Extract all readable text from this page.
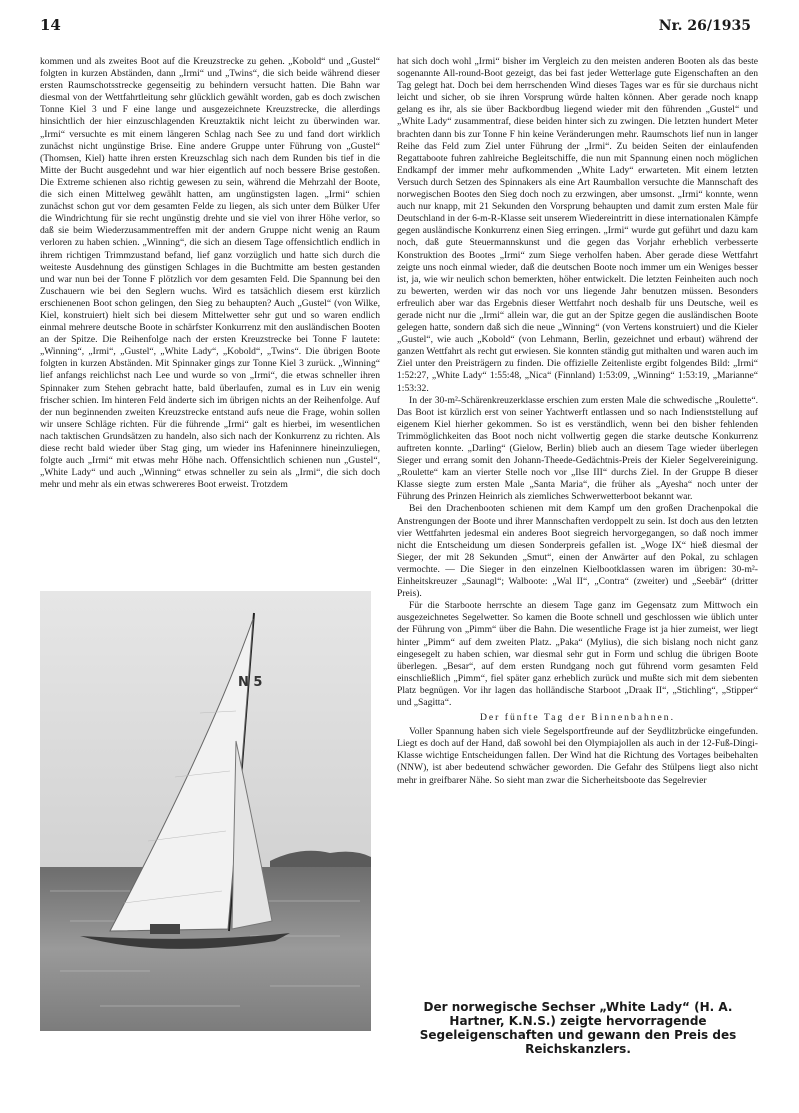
14	Nr. 26/1935

kommen und als zweites Boot auf die Kreuzstrecke zu gehen. „Kobold“ und „Gustel“ folgten in kurzen Abständen, dann „Irmi“ und „Twins“, die sich beide während dieser ersten Raumschotsstrecke gegenseitig zu behindern versucht hatten. Die Bahn war diesmal von der Wettfahrtleitung sehr glücklich gewählt worden, gab es doch zwischen Tonne Kiel 3 und F eine lange und ausgezeichnete Kreuzstrecke, die allerdings hinsichtlich der hier einzuschlagenden Kreuztaktik nicht leicht zu überwinden war. „Irmi“ versuchte es mit einem längeren Schlag nach See zu und fand dort wirklich zunächst nicht ungünstige Brise. Eine andere Gruppe unter Führung von „Gustel“ (Thomsen, Kiel) hatte ihren ersten Kreuzschlag sich nach dem Runden bis tief in die Mitte der Bucht ausgedehnt und war hier eigentlich auf noch bessere Brise gestoßen. Die Extreme schienen also richtig gewesen zu sein, während die Mehrzahl der Boote, die sich einen Mittelweg gewählt hatten, am ungünstigsten lagen. „Irmi“ schien zunächst schon gut vor dem gesamten Felde zu liegen, als sich unter dem Bülker Ufer die Windrichtung für sie recht ungünstig drehte und sie viel von ihrer Höhe verlor, so daß sie beim Wiederzusammentreffen mit der andern Gruppe nicht wenig an Raum verloren zu haben schien. „Winning“, die sich an diesem Tage offensichtlich endlich in ihrem richtigen Trimmzustand befand, lief ganz vorzüglich und hatte sich durch die weiteste Ausdehnung des günstigen Schlages in die Buchtmitte am besten gestanden und war nun bei der Tonne F plötzlich vor dem gesamten Feld. Die Spannung bei den Zuschauern wie bei den Seglern wuchs. Wird es tatsächlich diesem erst kürzlich erschienenen Boot schon gelingen, den Sieg zu behaupten? Auch „Gustel“ (von Wilke, Kiel, konstruiert) hielt sich bei diesem Mittelwetter sehr gut und so waren endlich einmal mehrere deutsche Boote in schärfster Konkurrenz mit den ausländischen Booten an der Spitze. Die Reihenfolge nach der ersten Kreuzstrecke bei Tonne F lautete: „Winning“, „Irmi“, „Gustel“, „White Lady“, „Kobold“, „Twins“. Die übrigen Boote folgten in kurzen Abständen. Mit Spinnaker gings zur Tonne Kiel 3 zurück. „Winning“ lief anfangs reichlichst nach Lee und wurde so von „Irmi“, die etwas schneller ihren Spinnaker zum Stehen gebracht hatte, bald überlaufen, zumal es in Luv ein wenig frischer schien. Im hinteren Feld änderte sich im übrigen nichts an der Reihenfolge. Auf der nun beginnenden zweiten Kreuzstrecke entstand aufs neue die Frage, wohin sollen wir unsere Schläge richten. Für die führende „Irmi“ galt es hierbei, im wesentlichen nach taktischen Grundsätzen zu handeln, also sich nach der Konkurrenz zu richten. Als diese recht bald wieder über Stag ging, um wieder ins Hafeninnere hineinzuliegen, folgte auch „Irmi“ mit etwas mehr Höhe nach. Offensichtlich schienen nun „Gustel“, „White Lady“ und auch „Winning“ etwas schneller zu sein als „Irmi“, die sich doch mehr und mehr als ein etwas schwereres Boot erweist. Trotzdem

N 5

hat sich doch wohl „Irmi“ bisher im Vergleich zu den meisten anderen Booten als das beste sogenannte All-round-Boot gezeigt, das bei fast jeder Wetterlage gute Eigenschaften an den Tag gelegt hat. Doch bei dem herrschenden Wind dieses Tages war es für sie durchaus nicht leicht und sicher, ob sie ihren Vorsprung würde halten können. Aber gerade noch knapp gelang es ihr, als sie über Backbordbug liegend wieder mit den führenden „Gustel“ und „White Lady“ zusammentraf, diese beiden hinter sich zu zwingen. Die letzten hundert Meter brachten dann bis zur Tonne F hin keine Veränderungen mehr. Raumschots lief nun in langer Reihe das Feld zum Ziel unter Führung der „Irmi“. Zu beiden Seiten der einlaufenden Regattaboote fuhren zahlreiche Begleitschiffe, die nun mit Spannung einen noch möglichen Endkampf der immer mehr aufkommenden „White Lady“ erwarteten. Mit einem letzten Versuch durch Setzen des Spinnakers als eine Art Raumballon versuchte die Mannschaft des norwegischen Bootes den Sieg doch noch zu erzwingen, aber umsonst. „Irmi“ konnte, wenn auch nur knapp, mit 21 Sekunden den Vorsprung behaupten und damit zum ersten Male für Deutschland in der 6-m-R-Klasse seit unserem Wiedereintritt in diese internationalen Kämpfe gegen ausländische Konkurrenz einen Sieg erringen. „Irmi“ wurde gut geführt und dazu kam noch, daß gute Steuermannskunst und die gegen das Vorjahr erheblich verbesserte Konstruktion des Bootes „Irmi“ zum Siege verholfen haben. Aber gerade diese Wettfahrt zeigte uns noch einmal wieder, daß die deutschen Boote noch immer um ein Weniges besser ist, ja, wie wir neulich schon bemerkten, höher entwickelt. Die letzten Feinheiten auch noch zu bewerten, werden wir das noch vor uns liegende Jahr benutzen müssen. Besonders erfreulich aber war das Ergebnis dieser Wettfahrt noch deshalb für uns Deutsche, weil es gerade nicht nur die „Irmi“ allein war, die gut an der Spitze gegen die ausländischen Boote gelegen hatte, sondern daß sich die neue „Winning“ (von Vertens konstruiert) und die Kieler „Gustel“, wie auch „Kobold“ (von Lehmann, Berlin, gezeichnet und erbaut) während der ganzen Wettfahrt als recht gut erwiesen. Sie konnten ständig gut mithalten und waren auch im Ziel unter den Preisträgern zu finden. Die offizielle Zeitenliste ergibt folgendes Bild: „Irmi“ 1:52:27, „White Lady“ 1:55:48, „Nica“ (Finnland) 1:53:09, „Winning“ 1:53:19, „Marianne“ 1:53:32.

In der 30-m²-Schärenkreuzerklasse erschien zum ersten Male die schwedische „Roulette“. Das Boot ist kürzlich erst von seiner Yachtwerft entlassen und so nach Indienststellung auf eigenem Kiel hierher gekommen. So ist es verständlich, wenn bei den bisher fehlenden Trimmöglichkeiten das Boot noch nicht vollwertig gegen die starke deutsche Konkurrenz auftreten konnte. „Darling“ (Gielow, Berlin) blieb auch an diesem Tage wieder überlegen Sieger und errang somit den Johann-Theede-Gedächtnis-Preis der Kieler Segelvereinigung. „Roulette“ kam an vierter Stelle noch vor „Ilse III“ durchs Ziel. In der Gruppe B dieser Klasse siegte zum ersten Male „Santa Maria“, die früher als „Ayesha“ noch unter der Führung des Prinzen Heinrich als ziemliches Schwerwetterboot bekannt war.

Bei den Drachenbooten schienen mit dem Kampf um den großen Drachenpokal die Anstrengungen der Boote und ihrer Mannschaften verdoppelt zu sein. Ist doch aus den letzten vier Wettfahrten jedesmal ein anderes Boot siegreich hervorgegangen, so daß noch immer nicht die Entscheidung um diesen Sonderpreis gefallen ist. „Woge IX“ hieß diesmal der Sieger, der mit 28 Sekunden „Smut“, einen der Anwärter auf den Pokal, zu schlagen vermochte. — Die Sieger in den einzelnen Kielbootklassen waren im übrigen: 30-m²-Einheitskreuzer „Saunagl“; Walboote: „Wal II“, „Contra“ (zweiter) und „Seebär“ (dritter Preis).

Für die Starboote herrschte an diesem Tage ganz im Gegensatz zum Mittwoch ein ausgezeichnetes Segelwetter. So kamen die Boote schnell und geschlossen wie üblich unter der Führung von „Pimm“ über die Bahn. Die wesentliche Frage ist ja hier zumeist, wer liegt hinter „Pimm“ auf dem zweiten Platz. „Paka“ (Mylius), die sich bislang noch nicht ganz eingesegelt zu haben schien, war diesmal sehr gut in Form und schlug die übrigen Boote überlegen. „Besar“, auf dem ersten Rundgang noch gut führend vorm gesamten Feld einschließlich „Pimm“, fiel später ganz erheblich zurück und mußte sich mit dem siebenten Platz begnügen. Vor ihr lagen das holländische Starboot „Draak II“, „Stichling“, „Stipper“ und „Sagitta“.

Der fünfte Tag der Binnenbahnen.

Voller Spannung haben sich viele Segelsportfreunde auf der Seydlitzbrücke eingefunden. Liegt es doch auf der Hand, daß sowohl bei den Olympiajollen als auch in der 12-Fuß-Dingi-Klasse wichtige Entscheidungen fallen. Der Wind hat die Richtung des Vortages beibehalten (NNW), ist aber bedeutend schwächer geworden. Die Gefahr des Stülpens liegt also nicht mehr in greifbarer Nähe. So sieht man zwar die Sicherheitsboote das Segelrevier

Der norwegische Sechser „White Lady“ (H. A. Hartner, K.N.S.) zeigte hervorragende Segeleigenschaften und gewann den Preis des Reichskanzlers.
